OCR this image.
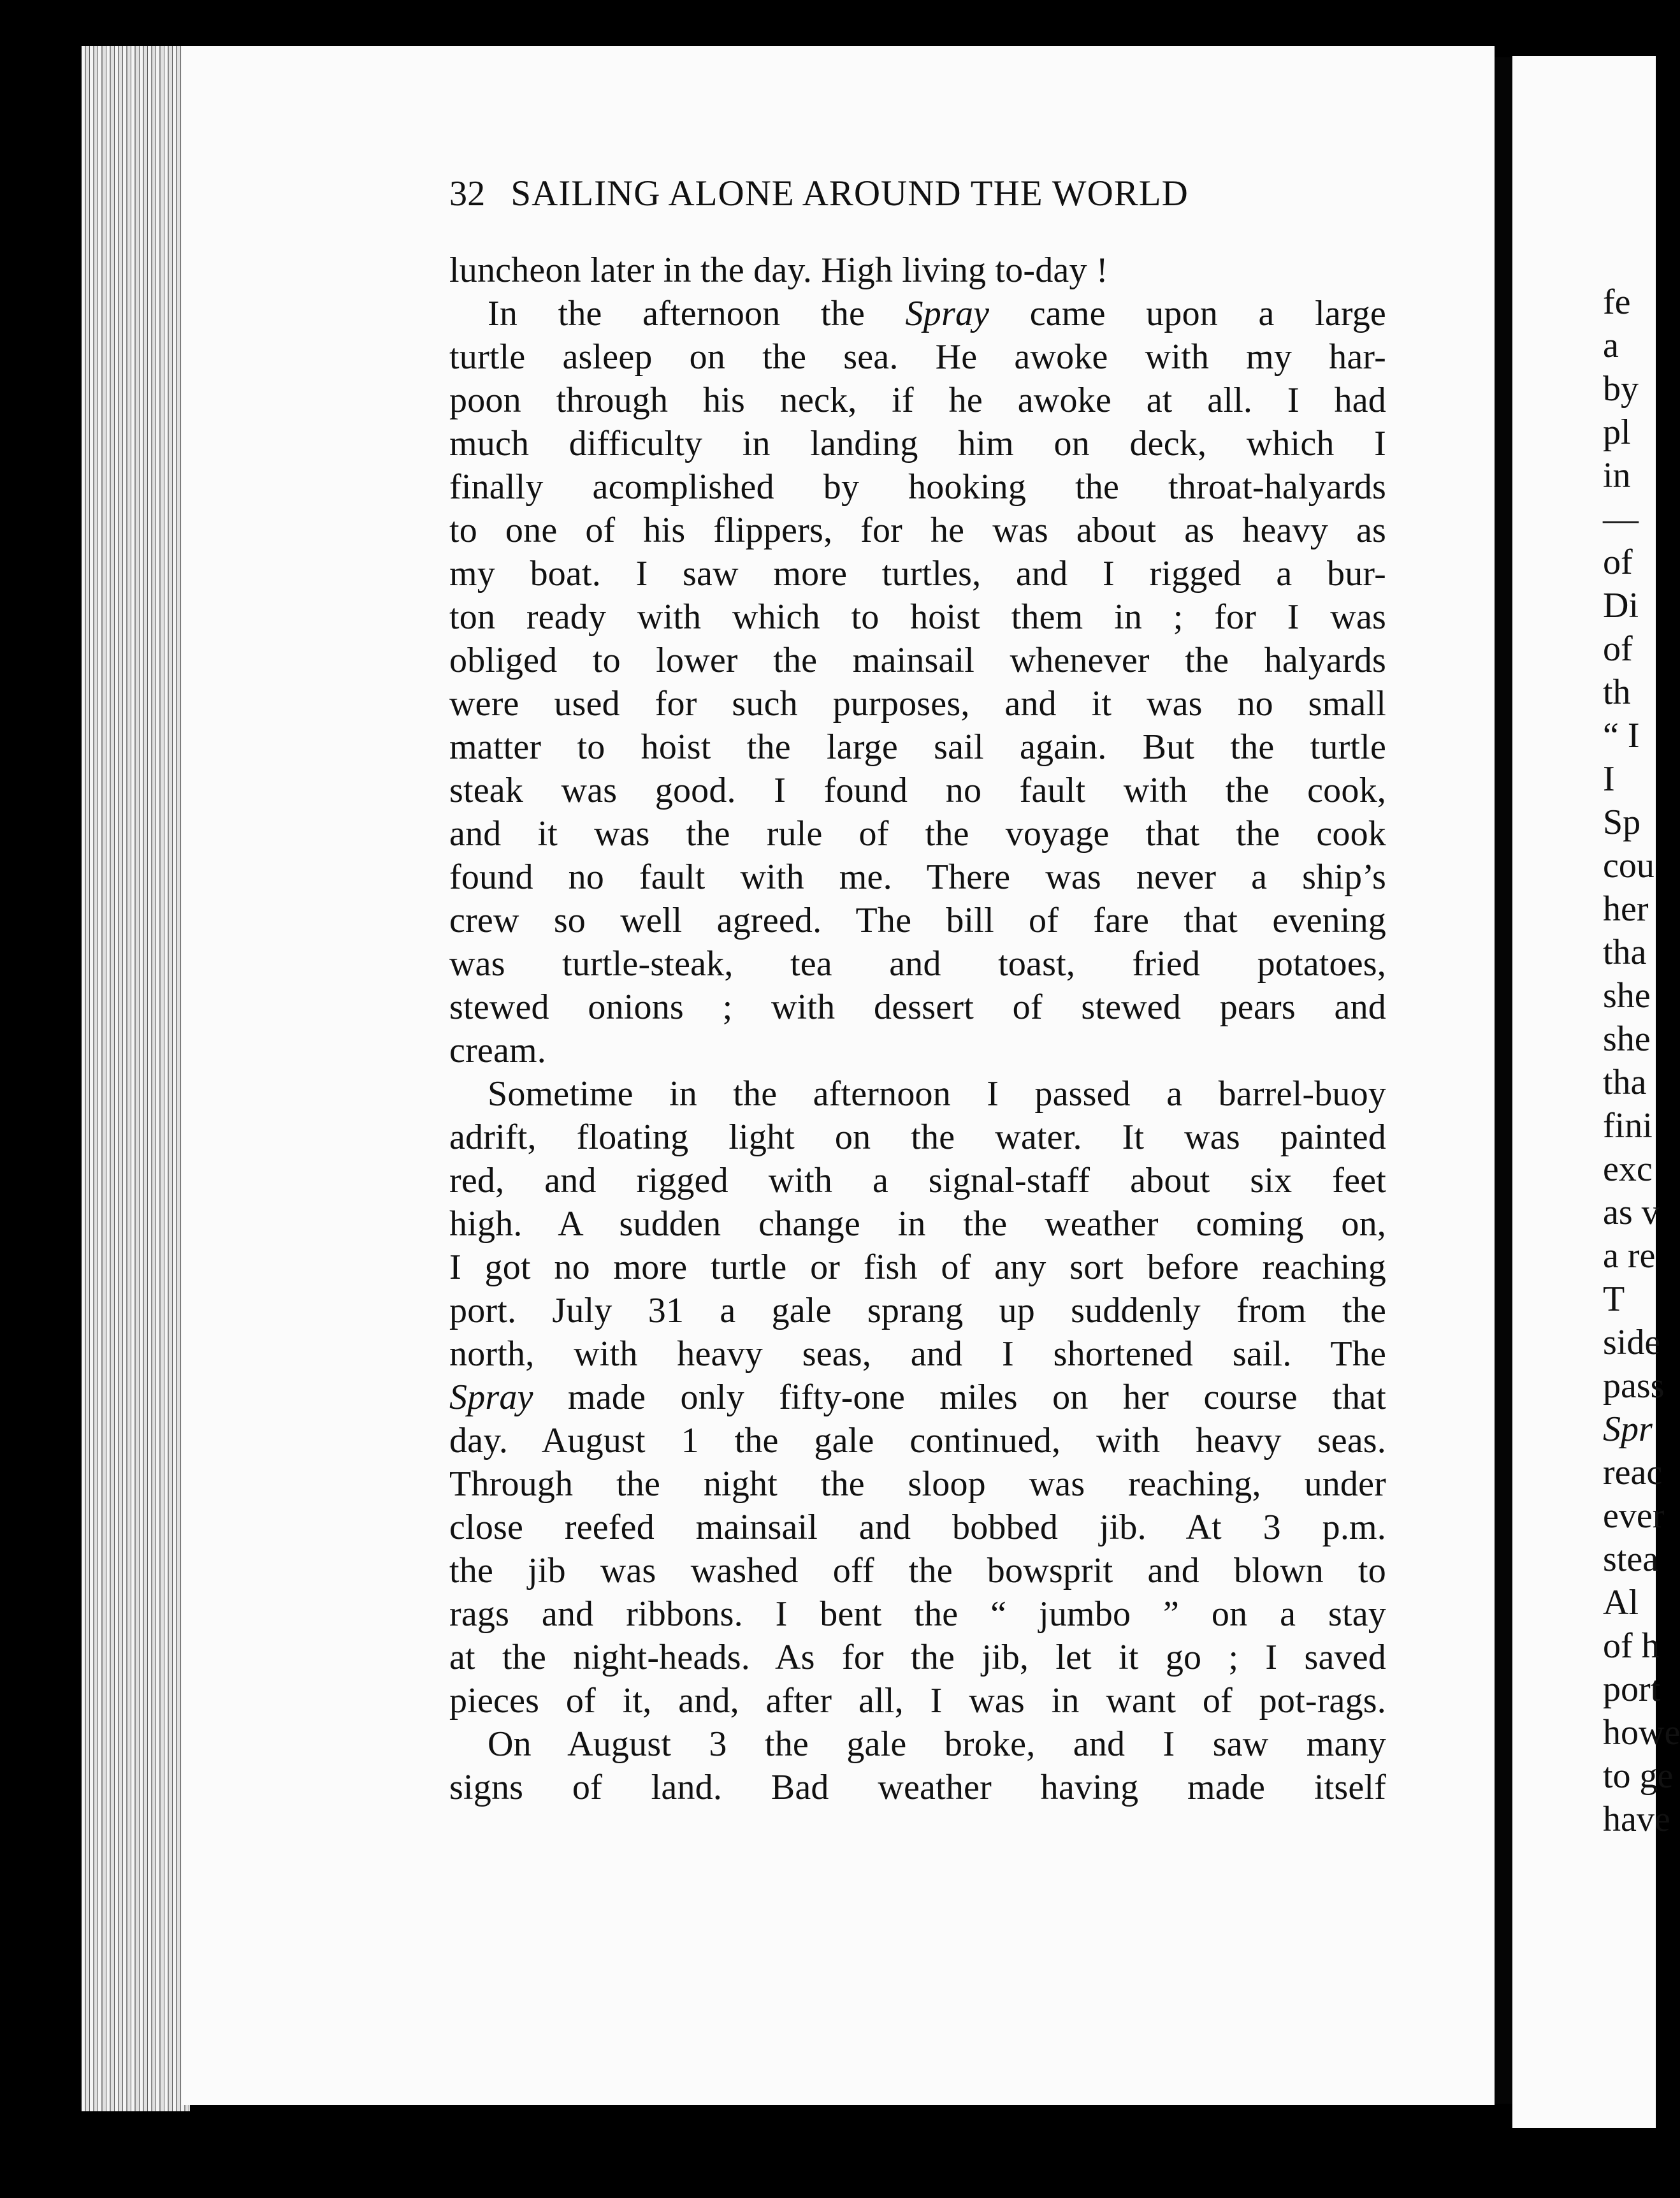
32 SAILING ALONE AROUND THE WORLD
luncheon later in the day. High living to-day !
In the afternoon the Spray came upon a large
turtle asleep on the sea. He awoke with my har-
poon through his neck, if he awoke at all. I had
much difficulty in landing him on deck, which I
finally acomplished by hooking the throat-halyards
to one of his flippers, for he was about as heavy as
my boat. I saw more turtles, and I rigged a bur-
ton ready with which to hoist them in ; for I was
obliged to lower the mainsail whenever the halyards
were used for such purposes, and it was no small
matter to hoist the large sail again. But the turtle
steak was good. I found no fault with the cook,
and it was the rule of the voyage that the cook
found no fault with me. There was never a ship’s
crew so well agreed. The bill of fare that evening
was turtle-steak, tea and toast, fried potatoes,
stewed onions ; with dessert of stewed pears and
cream.
Sometime in the afternoon I passed a barrel-buoy
adrift, floating light on the water. It was painted
red, and rigged with a signal-staff about six feet
high. A sudden change in the weather coming on,
I got no more turtle or fish of any sort before reaching
port. July 31 a gale sprang up suddenly from the
north, with heavy seas, and I shortened sail. The
Spray made only fifty-one miles on her course that
day. August 1 the gale continued, with heavy seas.
Through the night the sloop was reaching, under
close reefed mainsail and bobbed jib. At 3 p.m.
the jib was washed off the bowsprit and blown to
rags and ribbons. I bent the “ jumbo ” on a stay
at the night-heads. As for the jib, let it go ; I saved
pieces of it, and, after all, I was in want of pot-rags.
On August 3 the gale broke, and I saw many
signs of land. Bad weather having made itself
fe
a
by
pl
in
—
of
Di
of
th
“ I
I
Sp
cou
her
tha
she
she
tha
fini
exc
as v
a re
T
side
pass
Spr
reac
ever
stea
Al
of h
port
howe
to ge
have
